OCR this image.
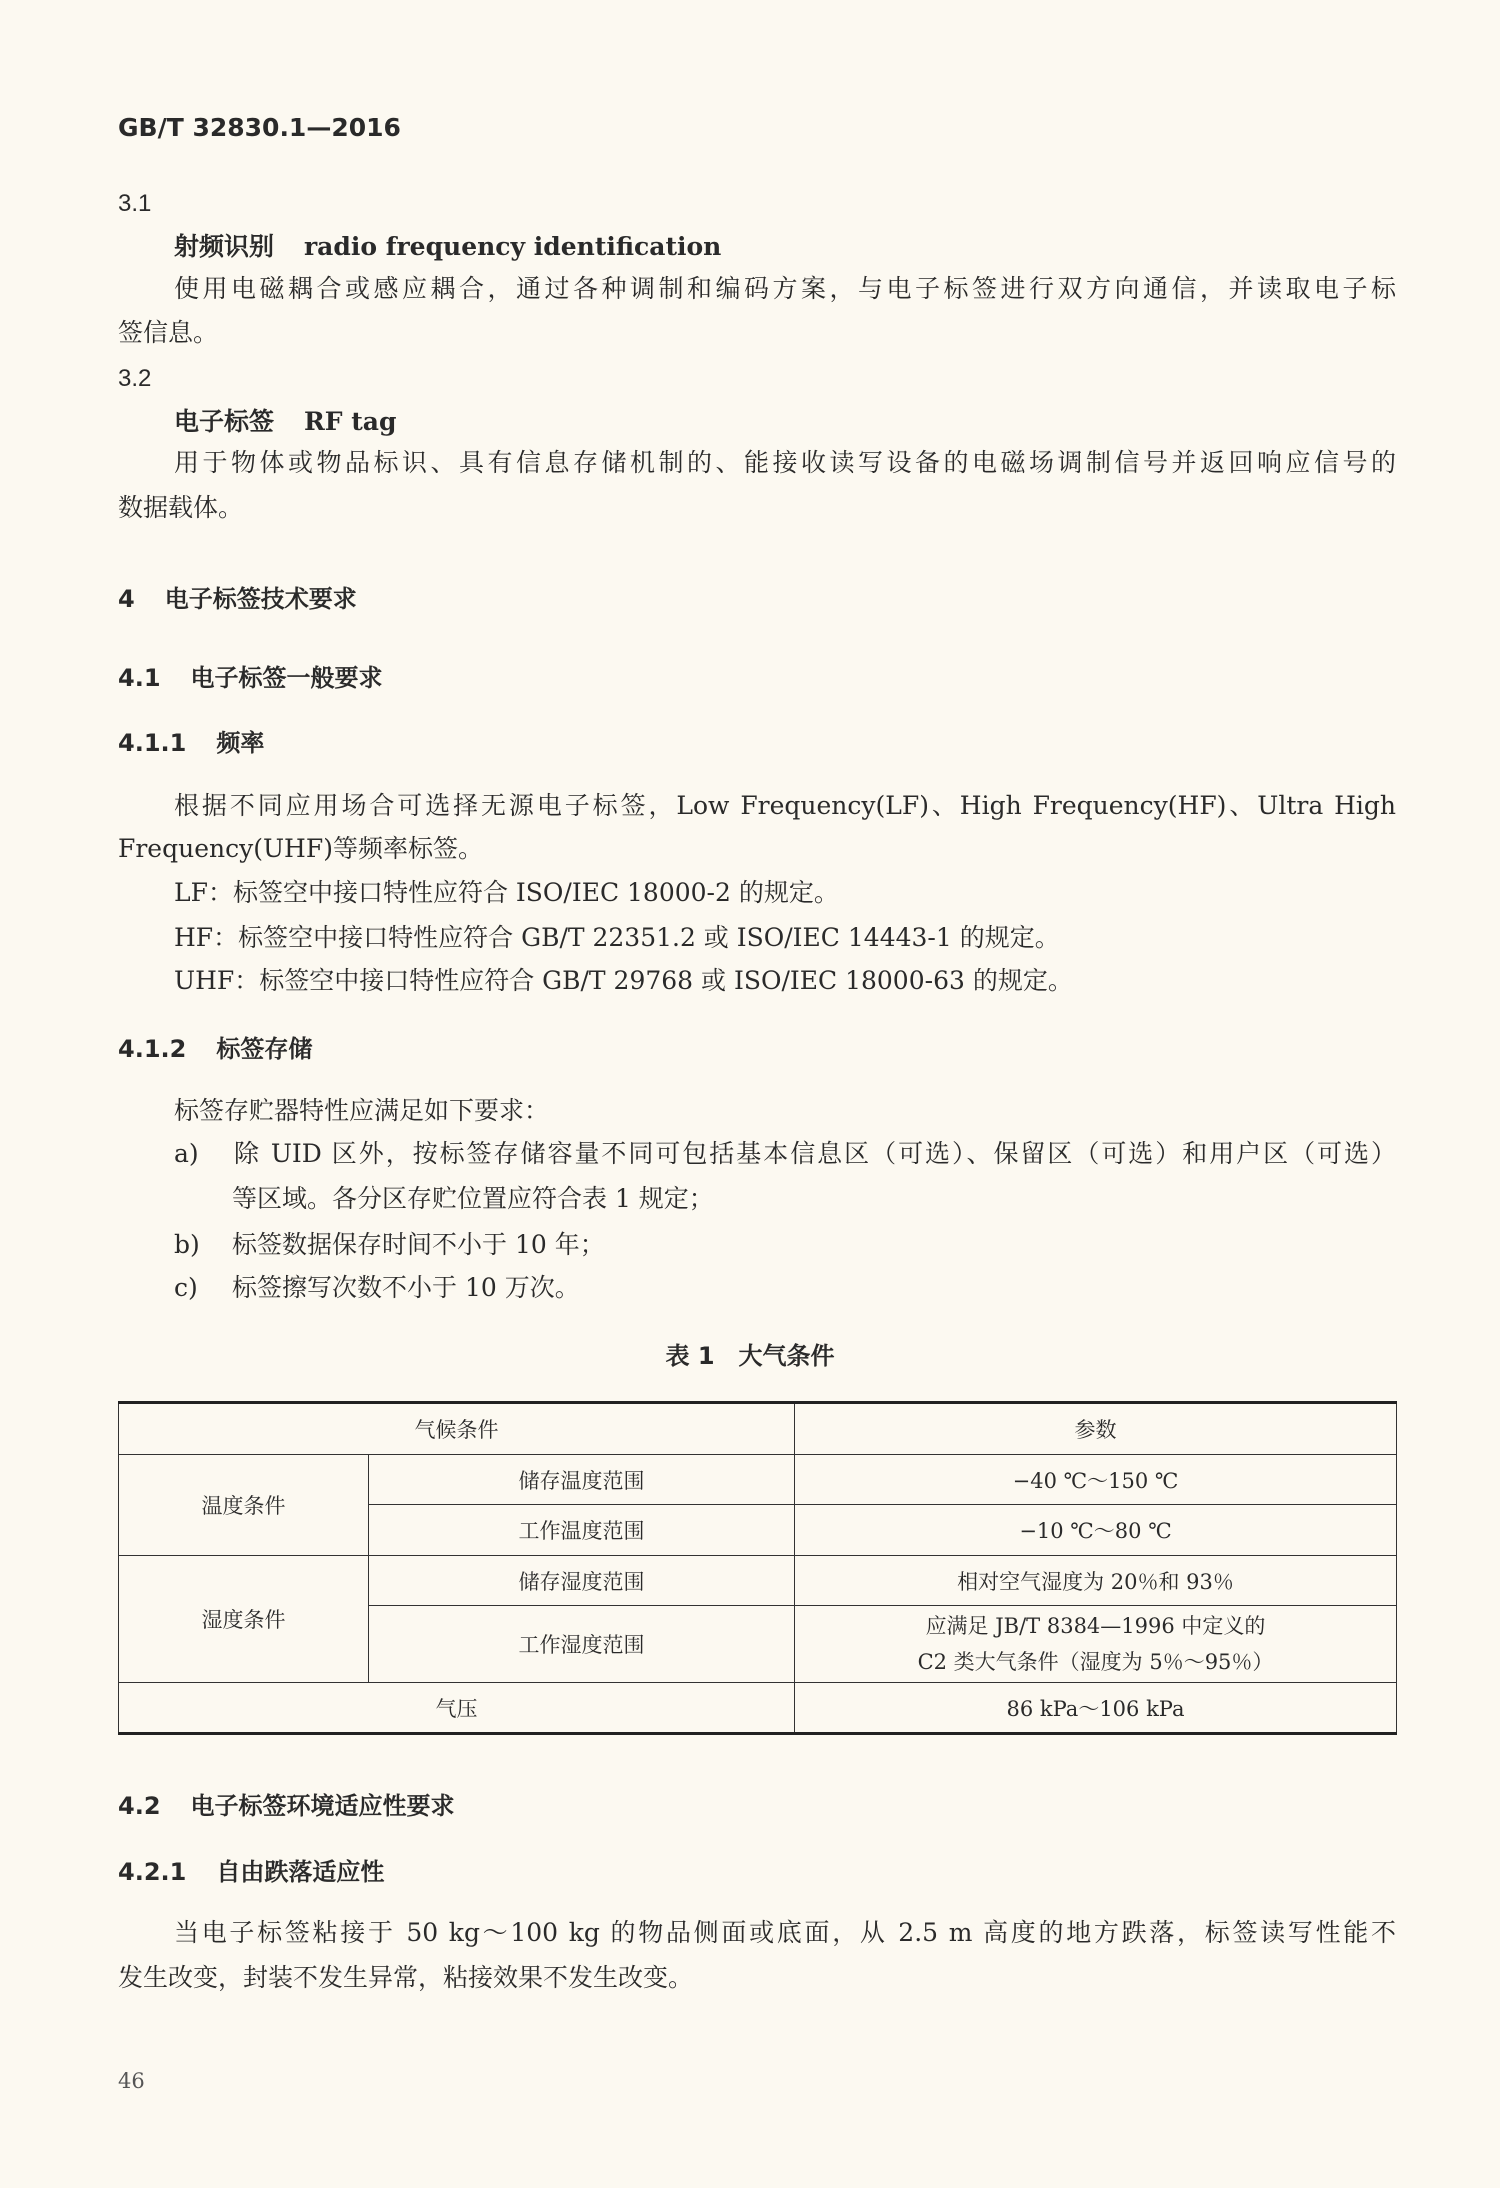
GB/T 32830.1—2016
3.1
射频识别 radio frequency identification
使用电磁耦合或感应耦合，通过各种调制和编码方案，与电子标签进行双方向通信，并读取电子标
签信息。
3.2
电子标签 RF tag
用于物体或物品标识、具有信息存储机制的、能接收读写设备的电磁场调制信号并返回响应信号的
数据载体。
4 电子标签技术要求
4.1 电子标签一般要求
4.1.1 频率
根据不同应用场合可选择无源电子标签，Low Frequency(LF)、High Frequency(HF)、Ultra High
Frequency(UHF)等频率标签。
LF：标签空中接口特性应符合 ISO/IEC 18000-2 的规定。
HF：标签空中接口特性应符合 GB/T 22351.2 或 ISO/IEC 14443-1 的规定。
UHF：标签空中接口特性应符合 GB/T 29768 或 ISO/IEC 18000-63 的规定。
4.1.2 标签存储
标签存贮器特性应满足如下要求：
a) 除 UID 区外，按标签存储容量不同可包括基本信息区（可选）、保留区（可选）和用户区（可选）
等区域。各分区存贮位置应符合表 1 规定；
b) 标签数据保存时间不小于 10 年；
c) 标签擦写次数不小于 10 万次。
表 1　大气条件
气候条件		参数
温度条件	储存温度范围	−40 ℃～150 ℃
	工作温度范围	−10 ℃～80 ℃
湿度条件	储存湿度范围	相对空气湿度为 20％和 93％
	工作湿度范围	应满足 JB/T 8384—1996 中定义的
C2 类大气条件（湿度为 5％～95％）

气压		86 kPa～106 kPa
4.2 电子标签环境适应性要求
4.2.1 自由跌落适应性
当电子标签粘接于 50 kg～100 kg 的物品侧面或底面，从 2.5 m 高度的地方跌落，标签读写性能不
发生改变，封装不发生异常，粘接效果不发生改变。
46
